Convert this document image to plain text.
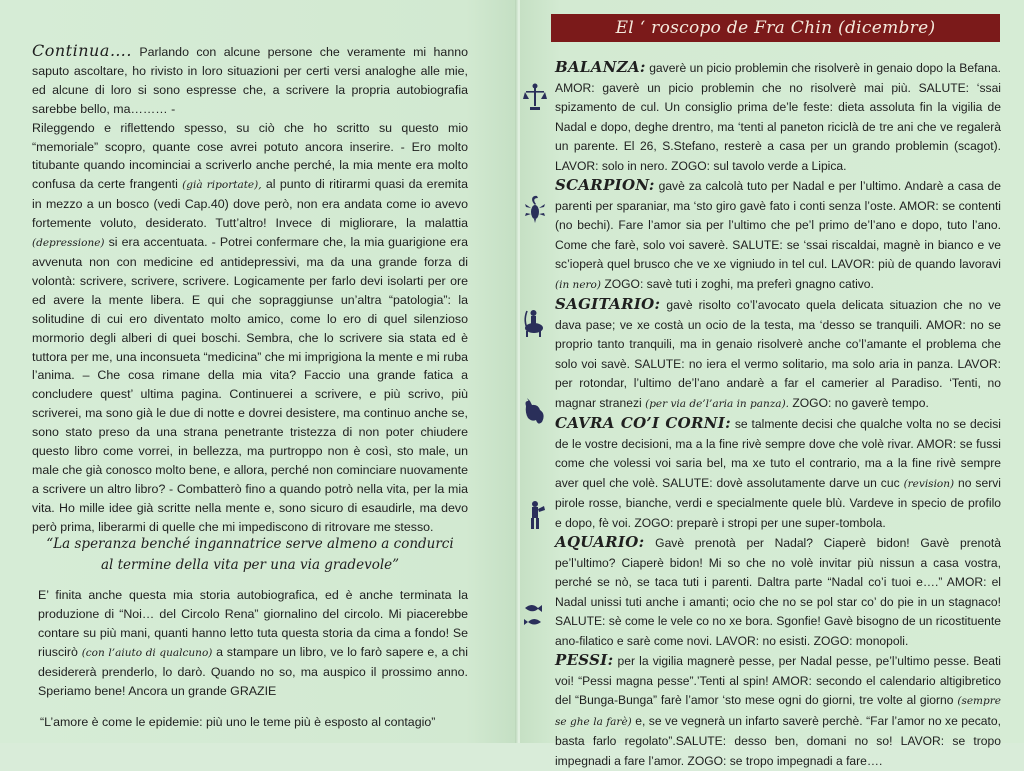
Continua…. Parlando con alcune persone che veramente mi hanno saputo ascoltare, ho rivisto in loro situazioni per certi versi analoghe alle mie, ed alcune di loro si sono espresse che, a scrivere la propria autobiografia sarebbe bello, ma……… -

Rileggendo e riflettendo spesso, su ciò che ho scritto su questo mio “memoriale” scopro, quante cose avrei potuto ancora inserire. - Ero molto titubante quando incominciai a scriverlo anche perché, la mia mente era molto confusa da certe frangenti (già riportate), al punto di ritirarmi quasi da eremita in mezzo a un bosco (vedi Cap.40) dove però, non era andata come io avevo fortemente voluto, desiderato. Tutt’altro! Invece di migliorare, la malattia (depressione) si era accentuata. - Potrei confermare che, la mia guarigione era avvenuta non con medicine ed antidepressivi, ma da una grande forza di volontà: scrivere, scrivere, scrivere. Logicamente per farlo devi isolarti per ore ed avere la mente libera. E qui che sopraggiunse un’altra “patologia”: la solitudine di cui ero diventato molto amico, come lo ero di quel silenzioso mormorio degli alberi di quei boschi. Sembra, che lo scrivere sia stata ed è tuttora per me, una inconsueta “medicina” che mi imprigiona la mente e mi ruba l’anima. – Che cosa rimane della mia vita? Faccio una grande fatica a concludere quest’ ultima pagina. Continuerei a scrivere, e più scrivo, più scriverei, ma sono già le due di notte e dovrei desistere, ma continuo anche se, sono stato preso da una strana penetrante tristezza di non poter chiudere questo libro come vorrei, in bellezza, ma purtroppo non è così, sto male, un male che già conosco molto bene, e allora, perché non cominciare nuovamente a scrivere un altro libro? - Combatterò fino a quando potrò nella vita, per la mia vita. Ho mille idee già scritte nella mente e, sono sicuro di esaudirle, ma devo però prima, liberarmi di quelle che mi impediscono di ritrovare me stesso.

“La speranza benché ingannatrice serve almeno a condurci al termine della vita per una via gradevole”
E’ finita anche questa mia storia autobiografica, ed è anche terminata la produzione di “Noi… del Circolo Rena” giornalino del circolo. Mi piacerebbe contare su più mani, quanti hanno letto tuta questa storia da cima a fondo! Se riuscirò (con l’aiuto di qualcuno) a stampare un libro, ve lo farò sapere e, a chi desidererà prenderlo, lo darò. Quando no so, ma auspico il prossimo anno. Speriamo bene! Ancora un grande GRAZIE
“L’amore è come le epidemie: più uno le teme più è esposto al contagio”
El ‘ roscopo de Fra Chin (dicembre)
BALANZA: gaverè un picio problemin che risolverè in genaio dopo la Befana. AMOR: gaverè un picio problemin che no risolverè mai più. SALUTE: ‘ssai spizamento de cul. Un consiglio prima de’le feste: dieta assoluta fin la vigilia de Nadal e dopo, deghe drentro, ma ‘tenti al paneton riciclà de tre ani che ve regalerà un parente. El 26, S.Stefano, resterè a casa per un grando problemin (scagot). LAVOR: solo in nero. ZOGO: sul tavolo verde a Lipica.
SCARPION: gavè za calcolà tuto per Nadal e per l’ultimo. Andarè a casa de parenti per sparaniar, ma ‘sto giro gavè fato i conti senza l’oste. AMOR: se contenti (no bechi). Fare l’amor sia per l’ultimo che pe’l primo de’l’ano e dopo, tuto l’ano. Come che farè, solo voi saverè. SALUTE: se ‘ssai riscaldai, magnè in bianco e ve sc’ioperà quel brusco che ve xe vigniudo in tel cul. LAVOR: più de quando lavoravi (in nero) ZOGO: savè tuti i zoghi, ma preferì gnagno cativo.
SAGITARIO: gavè risolto co’l’avocato quela delicata situazion che no ve dava pase; ve xe costà un ocio de la testa, ma ‘desso se tranquili. AMOR: no se proprio tanto tranquili, ma in genaio risolverè anche co’l’amante el problema che solo voi savè. SALUTE: no iera el vermo solitario, ma solo aria in panza. LAVOR: per rotondar, l’ultimo de’l’ano andarè a far el camerier al Paradiso. ‘Tenti, no magnar stranezi (per via de’l’aria in panza). ZOGO: no gaverè tempo.
CAVRA CO’I CORNI: se talmente decisi che qualche volta no se decisi de le vostre decisioni, ma a la fine rivè sempre dove che volè rivar. AMOR: se fussi come che volessi voi saria bel, ma xe tuto el contrario, ma a la fine rivè sempre aver quel che volè. SALUTE: dovè assolutamente darve un cuc (revision) no servi pirole rosse, bianche, verdi e specialmente quele blù. Vardeve in specio de profilo e dopo, fè voi. ZOGO: preparè i stropi per une super-tombola.
AQUARIO: Gavè prenotà per Nadal? Ciaperè bidon! Gavè prenotà pe’l’ultimo? Ciaperè bidon! Mi so che no volè invitar più nissun a casa vostra, perché se nò, se taca tuti i parenti. Daltra parte “Nadal co’i tuoi e….” AMOR: el Nadal unissi tuti anche i amanti; ocio che no se pol star co’ do pie in un stagnaco! SALUTE: sè come le vele co no xe bora. Sgonfie! Gavè bisogno de un ricostituente ano-filatico e sarè come novi. LAVOR: no esisti. ZOGO: monopoli.
PESSI: per la vigilia magnerè pesse, per Nadal pesse, pe’l’ultimo pesse. Beati voi! “Pessi magna pesse”.’Tenti al spin! AMOR: secondo el calendario altigibretico del “Bunga-Bunga” farè l’amor ‘sto mese ogni do giorni, tre volte al giorno (sempre se ghe la farè) e, se ve vegnerà un infarto saverè perchè. “Far l’amor no xe pecato, basta farlo regolato”.SALUTE: desso ben, domani no so! LAVOR: se tropo impegnadi a fare l’amor. ZOGO: se tropo impegnadi a fare….
